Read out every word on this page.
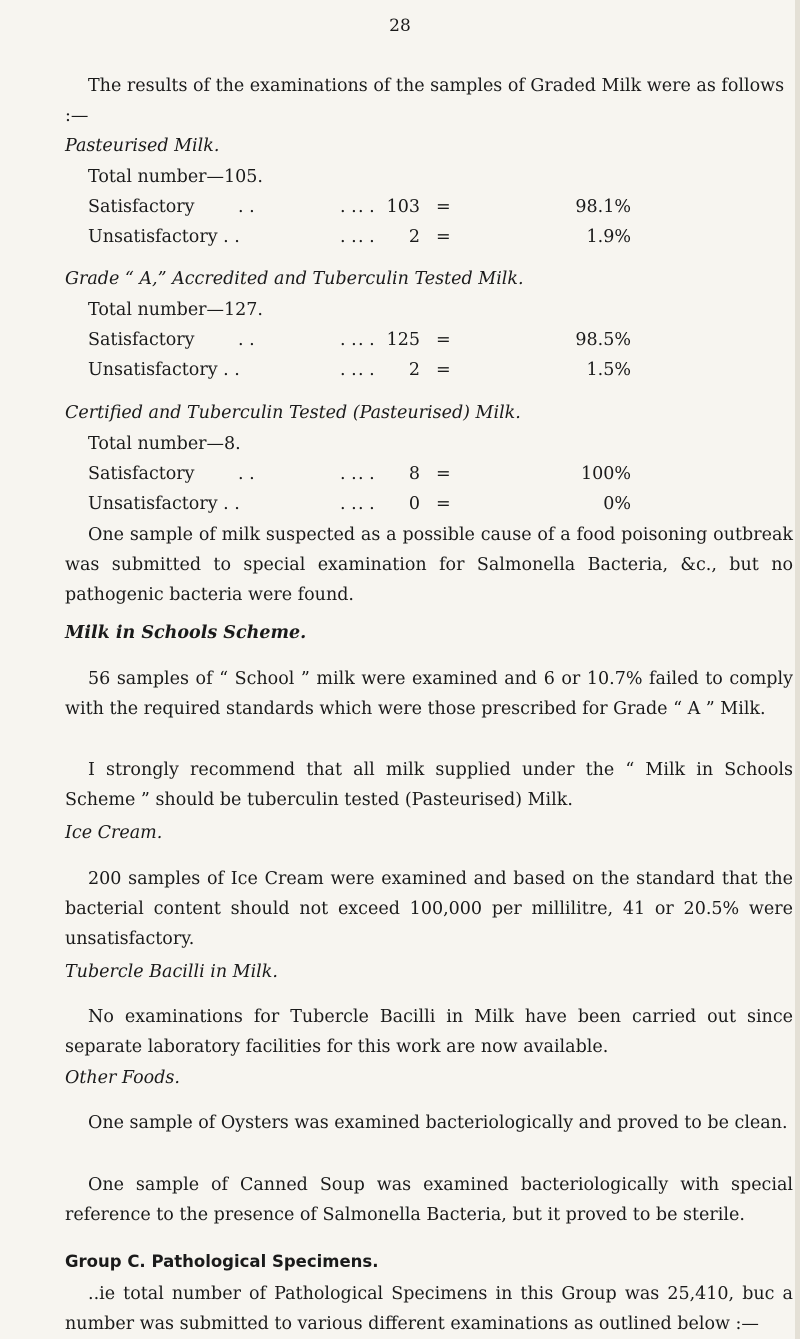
28
The results of the examinations of the samples of Graded Milk were as follows :—
Pasteurised Milk.
Total number—105.
Satisfactory . .	. . . . 103 =	98.1%
Unsatisfactory . .	. . . . 2 =	1.9%
Grade “ A,” Accredited and Tuberculin Tested Milk.
Total number—127.
Satisfactory . .	. . . . 125 =	98.5%
Unsatisfactory . .	. . . . 2 =	1.5%
Certified and Tuberculin Tested (Pasteurised) Milk.
Total number—8.
Satisfactory . .	. . . . 8 =	100%
Unsatisfactory . .	. . . . 0 =	0%
One sample of milk suspected as a possible cause of a food poisoning outbreak was submitted to special examination for Salmonella Bacteria, &c., but no pathogenic bacteria were found.
Milk in Schools Scheme.
56 samples of “ School ” milk were examined and 6 or 10.7% failed to comply with the required standards which were those prescribed for Grade “ A ” Milk.
I strongly recommend that all milk supplied under the “ Milk in Schools Scheme ” should be tuberculin tested (Pasteurised) Milk.
Ice Cream.
200 samples of Ice Cream were examined and based on the standard that the bacterial content should not exceed 100,000 per millilitre, 41 or 20.5% were unsatisfactory.
Tubercle Bacilli in Milk.
No examinations for Tubercle Bacilli in Milk have been carried out since separate laboratory facilities for this work are now available.
Other Foods.
One sample of Oysters was examined bacteriologically and proved to be clean.
One sample of Canned Soup was examined bacteriologically with special reference to the presence of Salmonella Bacteria, but it proved to be sterile.
Group C. Pathological Specimens.
..ie total number of Pathological Specimens in this Group was 25,410, buc a number was submitted to various different examinations as outlined below :—
